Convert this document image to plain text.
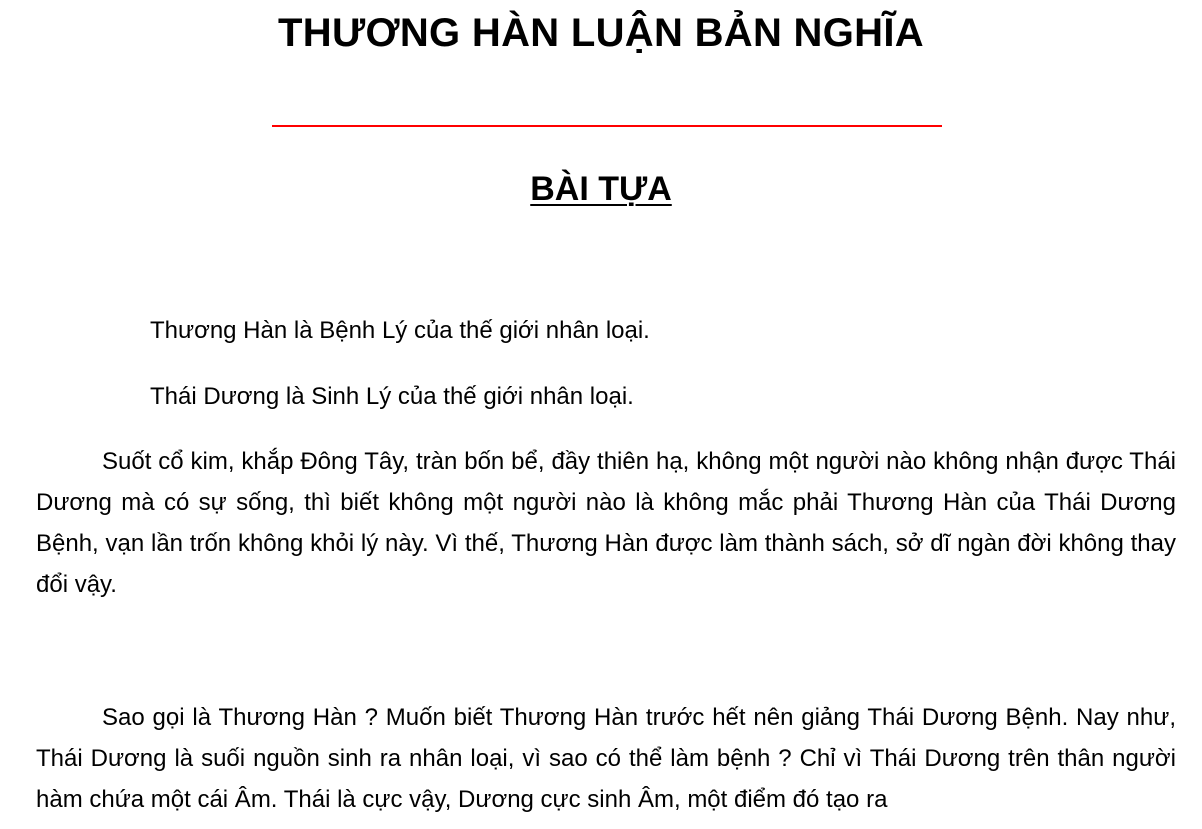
THƯƠNG HÀN LUẬN BẢN NGHĨA
BÀI TỰA
Thương Hàn là Bệnh Lý của thế giới nhân loại.
Thái Dương là Sinh Lý của thế giới nhân loại.
Suốt cổ kim, khắp Đông Tây, tràn bốn bể, đầy thiên hạ, không một người nào không nhận được Thái Dương mà có sự sống, thì biết không một người nào là không mắc phải Thương Hàn của Thái Dương Bệnh, vạn lần trốn không khỏi lý này. Vì thế, Thương Hàn được làm thành sách, sở dĩ ngàn đời không thay đổi vậy.
Sao gọi là Thương Hàn ? Muốn biết Thương Hàn trước hết nên giảng Thái Dương Bệnh. Nay như, Thái Dương là suối nguồn sinh ra nhân loại, vì sao có thể làm bệnh ? Chỉ vì Thái Dương trên thân người hàm chứa một cái Âm. Thái là cực vậy, Dương cực sinh Âm, một điểm đó tạo ra
